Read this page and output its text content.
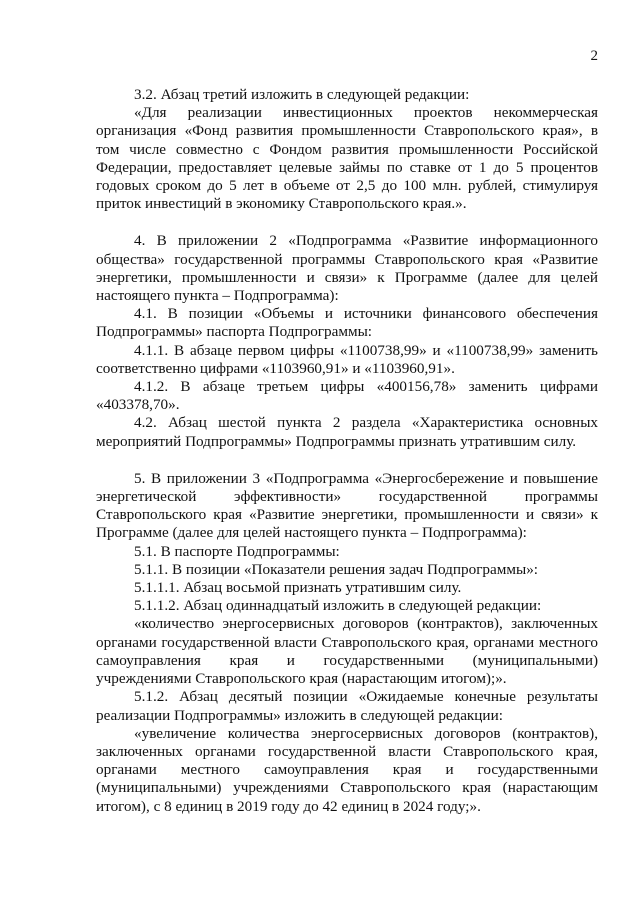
2

3.2. Абзац третий изложить в следующей редакции:

«Для реализации инвестиционных проектов некоммерческая организация «Фонд развития промышленности Ставропольского края», в том числе совместно с Фондом развития промышленности Российской Федерации, предоставляет целевые займы по ставке от 1 до 5 процентов годовых сроком до 5 лет в объеме от 2,5 до 100 млн. рублей, стимулируя приток инвестиций в экономику Ставропольского края.».

4. В приложении 2 «Подпрограмма «Развитие информационного общества» государственной программы Ставропольского края «Развитие энергетики, промышленности и связи» к Программе (далее для целей настоящего пункта – Подпрограмма):

4.1. В позиции «Объемы и источники финансового обеспечения Подпрограммы» паспорта Подпрограммы:

4.1.1. В абзаце первом цифры «1100738,99» и «1100738,99» заменить соответственно цифрами «1103960,91» и «1103960,91».

4.1.2. В абзаце третьем цифры «400156,78» заменить цифрами «403378,70».

4.2. Абзац шестой пункта 2 раздела «Характеристика основных мероприятий Подпрограммы» Подпрограммы признать утратившим силу.

5. В приложении 3 «Подпрограмма «Энергосбережение и повышение энергетической эффективности» государственной программы Ставропольского края «Развитие энергетики, промышленности и связи» к Программе (далее для целей настоящего пункта – Подпрограмма):

5.1. В паспорте Подпрограммы:

5.1.1. В позиции «Показатели решения задач Подпрограммы»:

5.1.1.1. Абзац восьмой признать утратившим силу.

5.1.1.2. Абзац одиннадцатый изложить в следующей редакции:

«количество энергосервисных договоров (контрактов), заключенных органами государственной власти Ставропольского края, органами местного самоуправления края и государственными (муниципальными) учреждениями Ставропольского края (нарастающим итогом);».

5.1.2. Абзац десятый позиции «Ожидаемые конечные результаты реализации Подпрограммы» изложить в следующей редакции:

«увеличение количества энергосервисных договоров (контрактов), заключенных органами государственной власти Ставропольского края, органами местного самоуправления края и государственными (муниципальными) учреждениями Ставропольского края (нарастающим итогом), с 8 единиц в 2019 году до 42 единиц в 2024 году;».
